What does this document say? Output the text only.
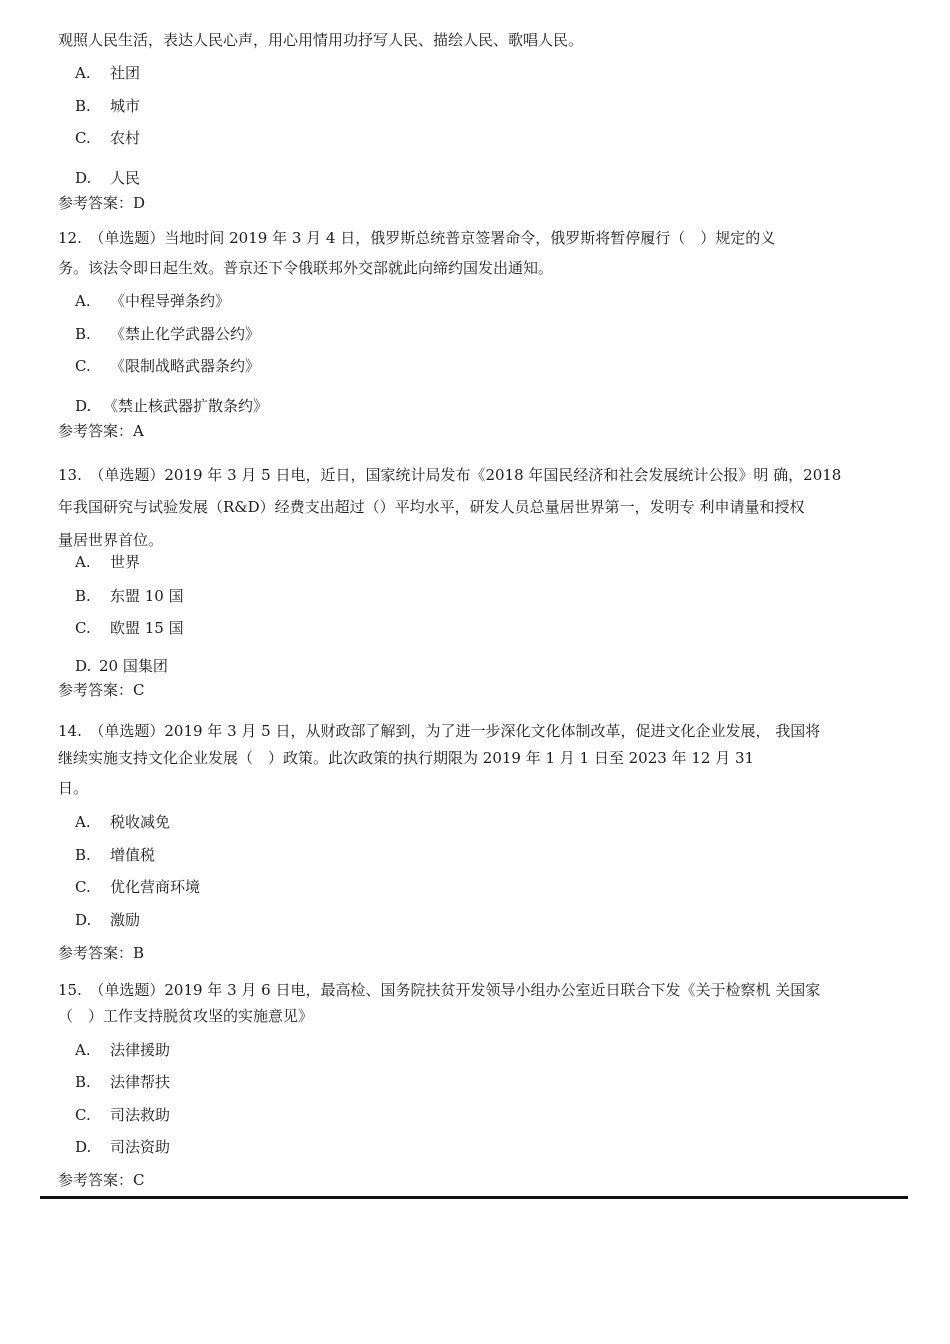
观照人民生活，表达人民心声，用心用情用功抒写人民、描绘人民、歌唱人民。
A. 社团
B. 城市
C. 农村
D. 人民
参考答案：D
12.　（单选题）当地时间 2019 年 3 月 4 日，俄罗斯总统普京签署命令，俄罗斯将暂停履行（　）规定的义
务。该法令即日起生效。普京还下令俄联邦外交部就此向缔约国发出通知。
A. 《中程导弹条约》
B. 《禁止化学武器公约》
C. 《限制战略武器条约》
D. 《禁止核武器扩散条约》
参考答案：A
13.　（单选题）2019 年 3 月 5 日电，近日，国家统计局发布《2018 年国民经济和社会发展统计公报》明 确，2018
年我国研究与试验发展（R&D）经费支出超过（）平均水平，研发人员总量居世界第一，发明专 利申请量和授权
量居世界首位。
A. 世界
B. 东盟 10 国
C. 欧盟 15 国
D. 20 国集团
参考答案：C
14.　（单选题）2019 年 3 月 5 日，从财政部了解到，为了进一步深化文化体制改革，促进文化企业发展， 我国将
继续实施支持文化企业发展（　）政策。此次政策的执行期限为 2019 年 1 月 1 日至 2023 年 12 月 31
日。
A. 税收减免
B. 增值税
C. 优化营商环境
D. 激励
参考答案：B
15.　（单选题）2019 年 3 月 6 日电，最高检、国务院扶贫开发领导小组办公室近日联合下发《关于检察机 关国家
（　）工作支持脱贫攻坚的实施意见》
A. 法律援助
B. 法律帮扶
C. 司法救助
D. 司法资助
参考答案：C
